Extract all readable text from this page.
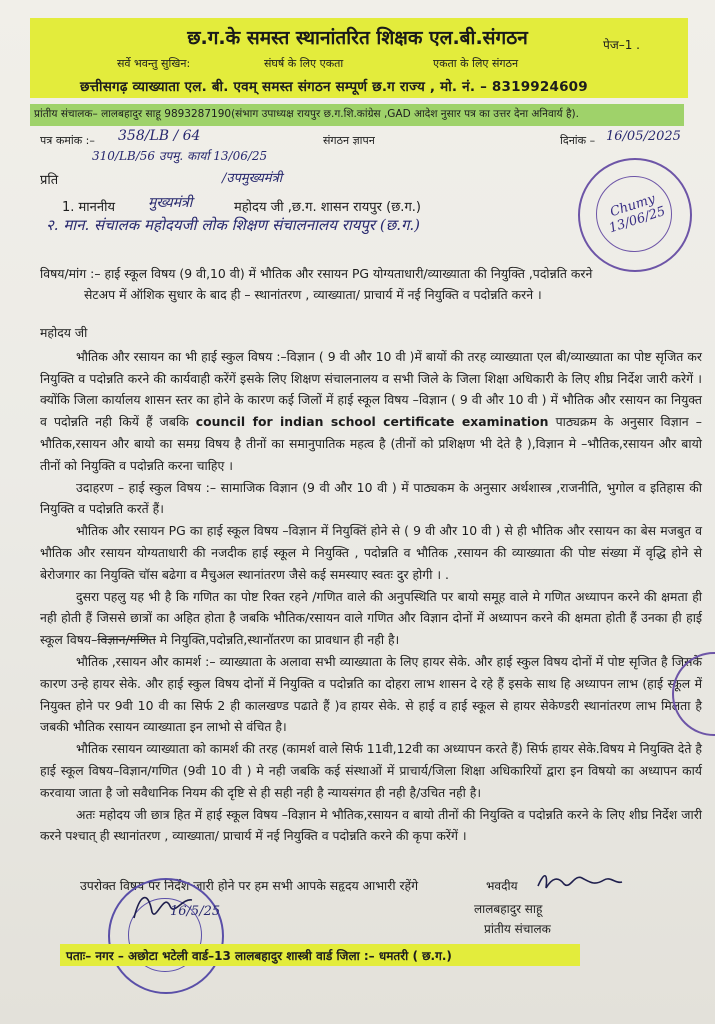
छ.ग.के समस्त स्थानांतरित शिक्षक एल.बी.संगठन	पेज–1 .
सर्वे भवन्तु सुखिन:	संघर्ष के लिए एकता	एकता के लिए संगठन
छत्तीसगढ़ व्याख्याता एल. बी. एवम् समस्त संगठन सम्पूर्ण छ.ग राज्य , मो. नं. – 8319924609
प्रांतीय संचालक– लालबहादुर साहू 9893287190(संभाग उपाध्यक्ष रायपुर छ.ग.शि.कांग्रेस ,GAD आदेश नुसार पत्र का उत्तर देना अनिवार्य है).
पत्र कमांक :– 358/LB / 64
310/LB/56 उपमु. कार्या 13/06/25
संगठन ज्ञापन	दिनांक – 16/05/2025
प्रति	/उपमुख्यमंत्री
1. माननीय मुख्यमंत्री	महोदय जी ,छ.ग. शासन रायपुर (छ.ग.)
२. मान. संचालक महोदयजी लोक शिक्षण संचालनालय रायपुर (छ.ग.)
विषय/मांग :– हाई स्कूल विषय (9 वी,10 वी) में भौतिक और रसायन PG योग्यताधारी/व्याख्याता की नियुक्ति ,पदोन्नति करने
सेटअप में ऑशिक सुधार के बाद ही – स्थानांतरण , व्याख्याता/ प्राचार्य में नई नियुक्ति व पदोन्नति करने ।

महोदय जी

भौतिक और रसायन का भी हाई स्कुल विषय :–विज्ञान ( 9 वी और 10 वी )में बायों की तरह व्याख्याता एल बी/व्याख्याता का पोष्ट सृजित कर नियुक्ति व पदोन्नति करने की कार्यवाही करेंगें इसके लिए शिक्षण संचालनालय व सभी जिले के जिला शिक्षा अधिकारी के लिए शीघ्र निर्देश जारी करेगें । क्योंकि जिला कार्यालय शासन स्तर का होने के कारण कई जिलों में हाई स्कूल विषय –विज्ञान ( 9 वी और 10 वी ) में भौतिक और रसायन का नियुक्त व पदोन्नति नही कियें हैं जबकि council for indian school certificate examination पाठ्यक्रम के अनुसार विज्ञान –भौतिक,रसायन और बायो का समग्र विषय है तीनों का समानुपातिक महत्व है (तीनों को प्रशिक्षण भी देते है ),विज्ञान मे –भौतिक,रसायन और बायो तीनों को नियुक्ति व पदोन्नति करना चाहिए ।

उदाहरण – हाई स्कुल विषय :– सामाजिक विज्ञान (9 वी और 10 वी ) में पाठ्यकम के अनुसार अर्थशास्त्र ,राजनीति, भुगोल व इतिहास की नियुक्ति व पदोन्नति करतें हैं।

भौतिक और रसायन PG का हाई स्कूल विषय –विज्ञान में नियुक्तिं होने से ( 9 वी और 10 वी ) से ही भौतिक और रसायन का बेस मजबुत व भौतिक और रसायन योग्यताधारी की नजदीक हाई स्कूल मे नियुक्ति , पदोन्नति व भौतिक ,रसायन की व्याख्याता की पोष्ट संख्या में वृद्धि होने से बेरोजगार का नियुक्ति चॉस बढेगा व मैचुअल स्थानांतरण जैसे कई समस्याए स्वतः दुर होगी । .

दुसरा पहलु यह भी है कि गणित का पोष्ट रिक्त रहने /गणित वाले की अनुपस्थिति पर बायो समूह वाले मे गणित अध्यापन करने की क्षमता ही नही होती हैं जिससे छात्रों का अहित होता है जबकि भौतिक/रसायन वाले गणित और विज्ञान दोनों में अध्यापन करने की क्षमता होती हैं उनका ही हाई स्कूल विषय–विज्ञान/गणित मे नियुक्ति,पदोन्नति,स्थानॉतरण का प्रावधान ही नही है।

भौतिक ,रसायन और कामर्श :– व्याख्याता के अलावा सभी व्याख्याता के लिए हायर सेके. और हाई स्कुल विषय दोनों में पोष्ट सृजित है जिसके कारण उन्हे हायर सेके. और हाई स्कुल विषय दोनों में नियुक्ति व पदोन्नति का दोहरा लाभ शासन दे रहे हैं इसके साथ हि अध्यापन लाभ (हाई स्कूल में नियुक्त होने पर 9वी 10 वी का सिर्फ 2 ही कालखण्ड पढाते हैं )व हायर सेके. से हाई व हाई स्कूल से हायर सेकेण्डरी स्थानांतरण लाभ मिलता है जबकी भौतिक रसायन व्याख्याता इन लाभो से वंचित है।

भौतिक रसायन व्याख्याता को कामर्श की तरह (कामर्श वाले सिर्फ 11वी,12वी का अध्यापन करते हैं) सिर्फ हायर सेके.विषय मे नियुक्ति देते है हाई स्कूल विषय–विज्ञान/गणित (9वी 10 वी ) मे नही जबकि कई संस्थाओं में प्राचार्य/जिला शिक्षा अधिकारियों द्वारा इन विषयो का अध्यापन कार्य करवाया जाता है जो सवैधानिक नियम की दृष्टि से ही सही नही है न्यायसंगत ही नही है/उचित नही है।

अतः महोदय जी छात्र हित में हाई स्कूल विषय –विज्ञान मे भौतिक,रसायन व बायो तीनों की नियुक्ति व पदोन्नति करने के लिए शीघ्र निर्देश जारी करने पश्चात् ही स्थानांतरण , व्याख्याता/ प्राचार्य में नई नियुक्ति व पदोन्नति करने की कृपा करेंगें ।

उपरोक्त विषय पर निर्देश जारी होने पर हम सभी आपके सहृदय आभारी रहेंगे	भवदीय
लालबहादुर साहू
प्रांतीय संचालक
Chumy 13/06/25
16/5/25
पताः– नगर – अछोटा भटेली वार्ड–13 लालबहादुर शास्त्री वार्ड जिला :– धमतरी ( छ.ग.)
